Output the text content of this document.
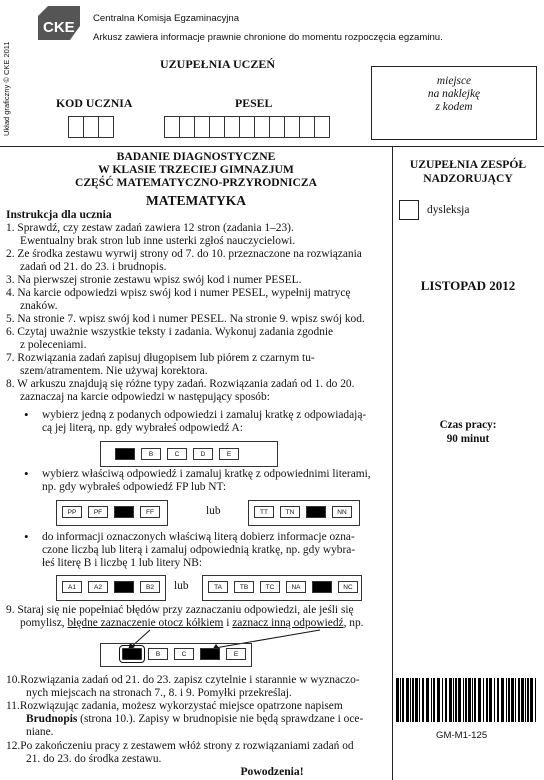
CKE
Centralna Komisja Egzaminacyjna
Arkusz zawiera informacje prawnie chronione do momentu rozpoczęcia egzaminu.
Układ graficzny © CKE 2011	UZUPEŁNIA UCZEŃ
KOD UCZNIA	PESEL
miejsce
na naklejkę
z kodem
BADANIE DIAGNOSTYCZNE
W KLASIE TRZECIEJ GIMNAZJUM
CZĘŚĆ MATEMATYCZNO-PRZYRODNICZA
MATEMATYKA
Instrukcja dla ucznia
UZUPEŁNIA ZESPÓŁ
NADZORUJĄCY
dysleksja
LISTOPAD 2012
Czas pracy:
90 minut
GM-M1-125
1. Sprawdź, czy zestaw zadań zawiera 12 stron (zadania 1–23).
Ewentualny brak stron lub inne usterki zgłoś nauczycielowi.
2. Ze środka zestawu wyrwij strony od 7. do 10. przeznaczone na rozwiązania
zadań od 21. do 23. i brudnopis.
3. Na pierwszej stronie zestawu wpisz swój kod i numer PESEL.
4. Na karcie odpowiedzi wpisz swój kod i numer PESEL, wypełnij matrycę
znaków.
5. Na stronie 7. wpisz swój kod i numer PESEL. Na stronie 9. wpisz swój kod.
6. Czytaj uważnie wszystkie teksty i zadania. Wykonuj zadania zgodnie
z poleceniami.
7. Rozwiązania zadań zapisuj długopisem lub piórem z czarnym tu-
szem/atramentem. Nie używaj korektora.
8. W arkuszu znajdują się różne typy zadań. Rozwiązania zadań od 1. do 20.
zaznaczaj na karcie odpowiedzi w następujący sposób:
• wybierz jedną z podanych odpowiedzi i zamaluj kratkę z odpowiadają-
cą jej literą, np. gdy wybrałeś odpowiedź A:
B	C	D	E
• wybierz właściwą odpowiedź i zamaluj kratkę z odpowiednimi literami,
np. gdy wybrałeś odpowiedź FP lub NT:
PP	PF	FF	lub	TT	TN	NN
• do informacji oznaczonych właściwą literą dobierz informacje ozna-
czone liczbą lub literą i zamaluj odpowiednią kratkę, np. gdy wybra-
łeś literę B i liczbę 1 lub litery NB:
A1	A2	B2	lub	TA	TB	TC	NA	NC
9. Staraj się nie popełniać błędów przy zaznaczaniu odpowiedzi, ale jeśli się
pomylisz, błędne zaznaczenie otocz kółkiem i zaznacz inną odpowiedź, np.
B	C	E
10.Rozwiązania zadań od 21. do 23. zapisz czytelnie i starannie w wyznaczo-
nych miejscach na stronach 7., 8. i 9. Pomyłki przekreślaj.
11.Rozwiązując zadania, możesz wykorzystać miejsce opatrzone napisem
Brudnopis (strona 10.). Zapisy w brudnopisie nie będą sprawdzane i oce-
niane.
12.Po zakończeniu pracy z zestawem włóż strony z rozwiązaniami zadań od
21. do 23. do środka zestawu.
Powodzenia!
